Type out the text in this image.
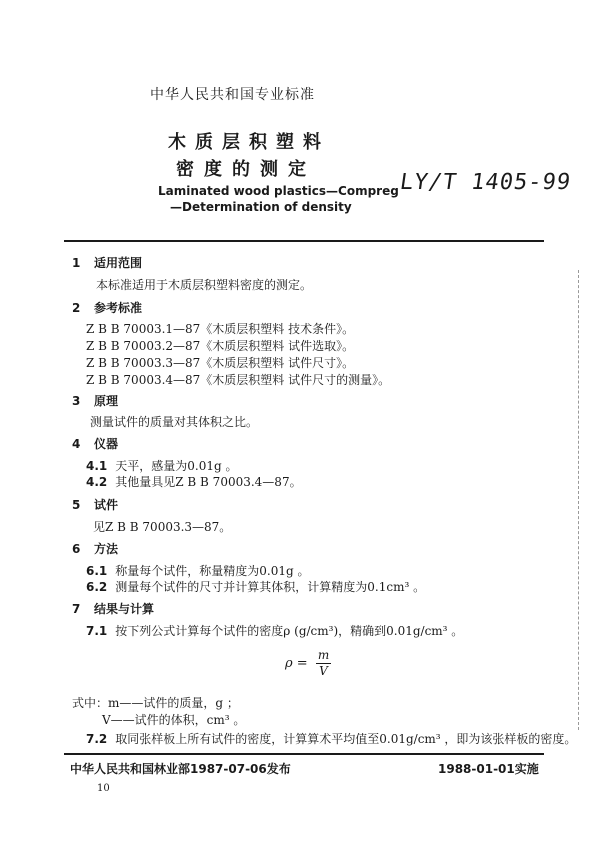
中华人民共和国专业标准
木质层积塑料
密度的测定
Laminated wood plastics—Compreg
—Determination of density
LY/T 1405-99
1 适用范围
本标准适用于木质层积塑料密度的测定。
2 参考标准
Z B B 70003.1—87《木质层积塑料 技术条件》。
Z B B 70003.2—87《木质层积塑料 试件选取》。
Z B B 70003.3—87《木质层积塑料 试件尺寸》。
Z B B 70003.4—87《木质层积塑料 试件尺寸的测量》。
3 原理
测量试件的质量对其体积之比。
4 仪器
4.1 天平，感量为0.01g 。
4.2 其他量具见Z B B 70003.4—87。
5 试件
见Z B B 70003.3—87。
6 方法
6.1 称量每个试件，称量精度为0.01g 。
6.2 测量每个试件的尺寸并计算其体积，计算精度为0.1cm³ 。
7 结果与计算
7.1 按下列公式计算每个试件的密度ρ (g/cm³)，精确到0.01g/cm³ 。
$\rho = \frac{m}{V}$
式中：m——试件的质量，g ；
V——试件的体积，cm³ 。
7.2 取同张样板上所有试件的密度，计算算术平均值至0.01g/cm³ ，即为该张样板的密度。
中华人民共和国林业部1987-07-06发布	1988-01-01实施
10
